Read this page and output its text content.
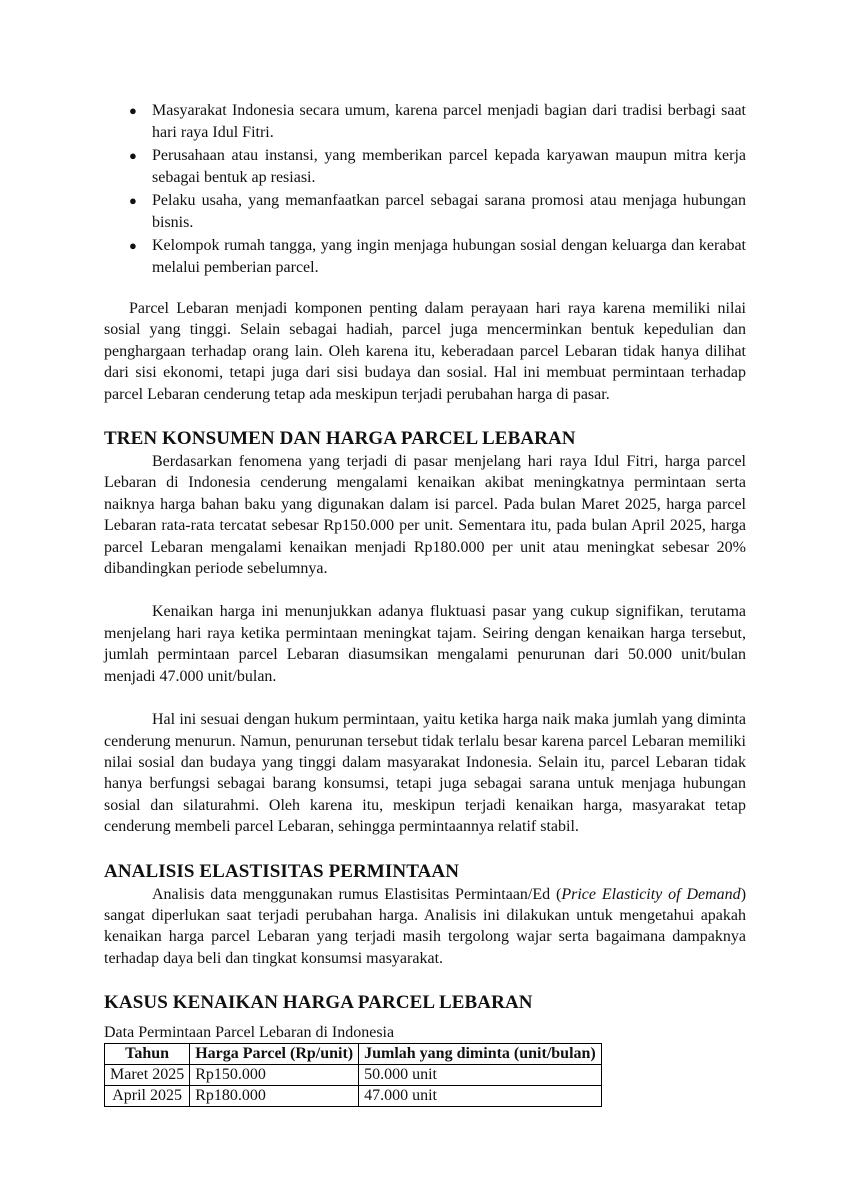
● Masyarakat Indonesia secara umum, karena parcel menjadi bagian dari tradisi berbagi saat hari raya Idul Fitri.
● Perusahaan atau instansi, yang memberikan parcel kepada karyawan maupun mitra kerja sebagai bentuk ap resiasi.
● Pelaku usaha, yang memanfaatkan parcel sebagai sarana promosi atau menjaga hubungan bisnis.
● Kelompok rumah tangga, yang ingin menjaga hubungan sosial dengan keluarga dan kerabat melalui pemberian parcel.

Parcel Lebaran menjadi komponen penting dalam perayaan hari raya karena memiliki nilai sosial yang tinggi. Selain sebagai hadiah, parcel juga mencerminkan bentuk kepedulian dan penghargaan terhadap orang lain. Oleh karena itu, keberadaan parcel Lebaran tidak hanya dilihat dari sisi ekonomi, tetapi juga dari sisi budaya dan sosial. Hal ini membuat permintaan terhadap parcel Lebaran cenderung tetap ada meskipun terjadi perubahan harga di pasar.

TREN KONSUMEN DAN HARGA PARCEL LEBARAN

Berdasarkan fenomena yang terjadi di pasar menjelang hari raya Idul Fitri, harga parcel Lebaran di Indonesia cenderung mengalami kenaikan akibat meningkatnya permintaan serta naiknya harga bahan baku yang digunakan dalam isi parcel. Pada bulan Maret 2025, harga parcel Lebaran rata-rata tercatat sebesar Rp150.000 per unit. Sementara itu, pada bulan April 2025, harga parcel Lebaran mengalami kenaikan menjadi Rp180.000 per unit atau meningkat sebesar 20% dibandingkan periode sebelumnya.

Kenaikan harga ini menunjukkan adanya fluktuasi pasar yang cukup signifikan, terutama menjelang hari raya ketika permintaan meningkat tajam. Seiring dengan kenaikan harga tersebut, jumlah permintaan parcel Lebaran diasumsikan mengalami penurunan dari 50.000 unit/bulan menjadi 47.000 unit/bulan.

Hal ini sesuai dengan hukum permintaan, yaitu ketika harga naik maka jumlah yang diminta cenderung menurun. Namun, penurunan tersebut tidak terlalu besar karena parcel Lebaran memiliki nilai sosial dan budaya yang tinggi dalam masyarakat Indonesia. Selain itu, parcel Lebaran tidak hanya berfungsi sebagai barang konsumsi, tetapi juga sebagai sarana untuk menjaga hubungan sosial dan silaturahmi. Oleh karena itu, meskipun terjadi kenaikan harga, masyarakat tetap cenderung membeli parcel Lebaran, sehingga permintaannya relatif stabil.

ANALISIS ELASTISITAS PERMINTAAN

Analisis data menggunakan rumus Elastisitas Permintaan/Ed (Price Elasticity of Demand) sangat diperlukan saat terjadi perubahan harga. Analisis ini dilakukan untuk mengetahui apakah kenaikan harga parcel Lebaran yang terjadi masih tergolong wajar serta bagaimana dampaknya terhadap daya beli dan tingkat konsumsi masyarakat.

KASUS KENAIKAN HARGA PARCEL LEBARAN
Data Permintaan Parcel Lebaran di Indonesia
Tahun	Harga Parcel (Rp/unit)	Jumlah yang diminta (unit/bulan)
Maret 2025	Rp150.000	50.000 unit
April 2025	Rp180.000	47.000 unit
